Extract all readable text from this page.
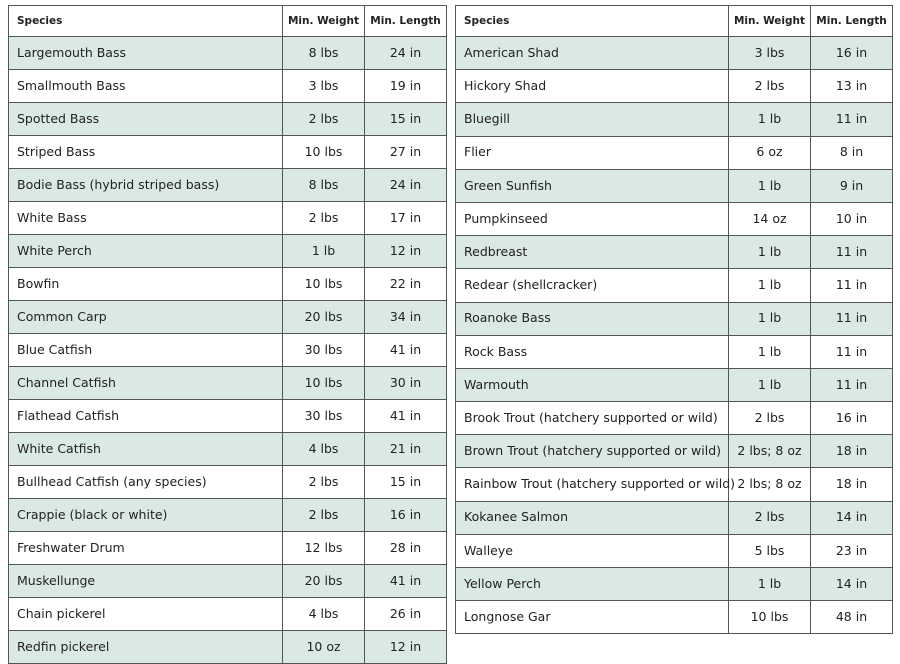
Species	Min. Weight	Min. Length
Largemouth Bass	8 lbs	24 in
Smallmouth Bass	3 lbs	19 in
Spotted Bass	2 lbs	15 in
Striped Bass	10 lbs	27 in
Bodie Bass (hybrid striped bass)	8 lbs	24 in
White Bass	2 lbs	17 in
White Perch	1 lb	12 in
Bowfin	10 lbs	22 in
Common Carp	20 lbs	34 in
Blue Catfish	30 lbs	41 in
Channel Catfish	10 lbs	30 in
Flathead Catfish	30 lbs	41 in
White Catfish	4 lbs	21 in
Bullhead Catfish (any species)	2 lbs	15 in
Crappie (black or white)	2 lbs	16 in
Freshwater Drum	12 lbs	28 in
Muskellunge	20 lbs	41 in
Chain pickerel	4 lbs	26 in
Redfin pickerel	10 oz	12 in
Species	Min. Weight	Min. Length
American Shad	3 lbs	16 in
Hickory Shad	2 lbs	13 in
Bluegill	1 lb	11 in
Flier	6 oz	8 in
Green Sunfish	1 lb	9 in
Pumpkinseed	14 oz	10 in
Redbreast	1 lb	11 in
Redear (shellcracker)	1 lb	11 in
Roanoke Bass	1 lb	11 in
Rock Bass	1 lb	11 in
Warmouth	1 lb	11 in
Brook Trout (hatchery supported or wild)	2 lbs	16 in
Brown Trout (hatchery supported or wild)	2 lbs; 8 oz	18 in
Rainbow Trout (hatchery supported or wild)	2 lbs; 8 oz	18 in
Kokanee Salmon	2 lbs	14 in
Walleye	5 lbs	23 in
Yellow Perch	1 lb	14 in
Longnose Gar	10 lbs	48 in
